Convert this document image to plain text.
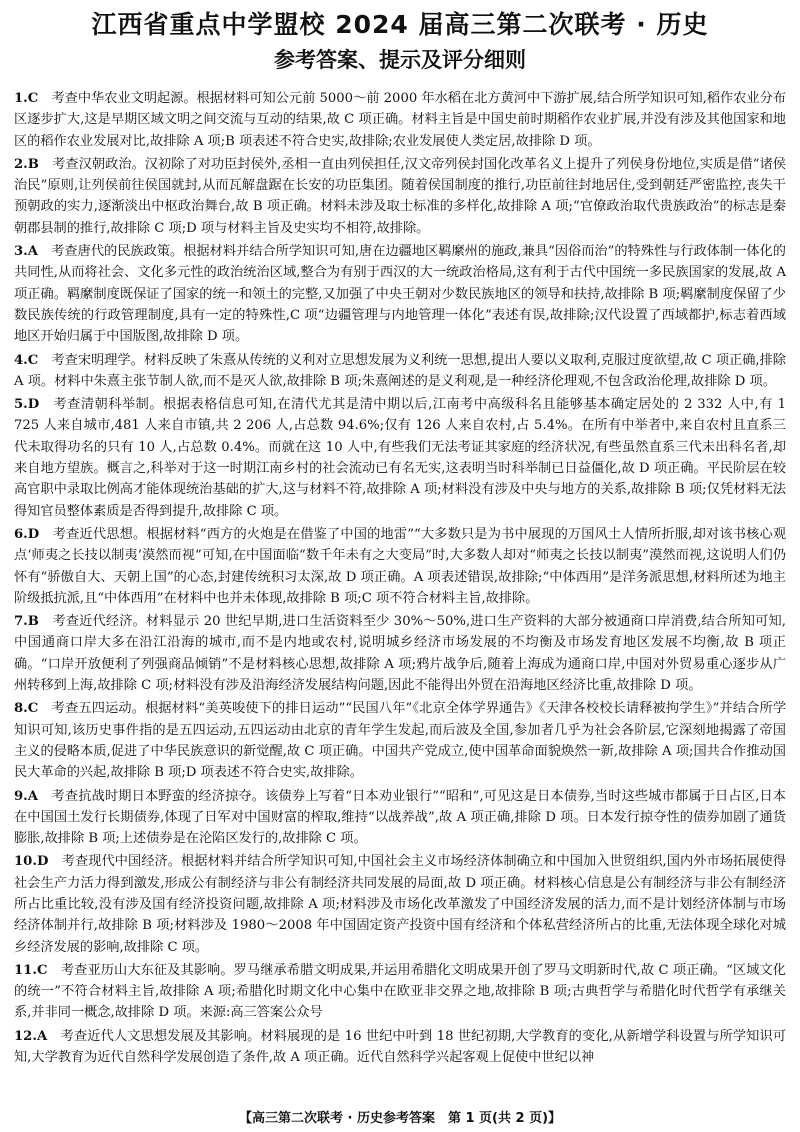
江西省重点中学盟校 2024 届高三第二次联考 · 历史
参考答案、提示及评分细则

1.C　 考查中华农业文明起源。根据材料可知公元前 5000～前 2000 年水稻在北方黄河中下游扩展,结合所学知识可知,稻作农业分布区逐步扩大,这是早期区域文明之间交流与互动的结果,故 C 项正确。材料主旨是中国史前时期稻作农业扩展,并没有涉及其他国家和地区的稻作农业发展对比,故排除 A 项;B 项表述不符合史实,故排除;农业发展使人类定居,故排除 D 项。

2.B　 考查汉朝政治。汉初除了对功臣封侯外,丞相一直由列侯担任,汉文帝列侯封国化改革名义上提升了列侯身份地位,实质是借“诸侯治民”原则,让列侯前往侯国就封,从而瓦解盘踞在长安的功臣集团。随着侯国制度的推行,功臣前往封地居住,受到朝廷严密监控,丧失干预朝政的实力,逐渐淡出中枢政治舞台,故 B 项正确。材料未涉及取士标准的多样化,故排除 A 项;“官僚政治取代贵族政治”的标志是秦朝郡县制的推行,故排除 C 项;D 项与材料主旨及史实均不相符,故排除。

3.A　 考查唐代的民族政策。根据材料并结合所学知识可知,唐在边疆地区羁縻州的施政,兼具“因俗而治”的特殊性与行政体制一体化的共同性,从而将社会、文化多元性的政治统治区域,整合为有别于西汉的大一统政治格局,这有利于古代中国统一多民族国家的发展,故 A 项正确。羁縻制度既保证了国家的统一和领土的完整,又加强了中央王朝对少数民族地区的领导和扶持,故排除 B 项;羁縻制度保留了少数民族传统的行政管理制度,具有一定的特殊性,C 项“边疆管理与内地管理一体化”表述有误,故排除;汉代设置了西域都护,标志着西域地区开始归属于中国版图,故排除 D 项。

4.C　 考查宋明理学。材料反映了朱熹从传统的义利对立思想发展为义利统一思想,提出人要以义取利,克服过度欲望,故 C 项正确,排除 A 项。材料中朱熹主张节制人欲,而不是灭人欲,故排除 B 项;朱熹阐述的是义利观,是一种经济伦理观,不包含政治伦理,故排除 D 项。

5.D　 考查清朝科举制。根据表格信息可知,在清代尤其是清中期以后,江南考中高级科名且能够基本确定居处的 2 332 人中,有 1 725 人来自城市,481 人来自市镇,共 2 206 人,占总数 94.6%;仅有 126 人来自农村,占 5.4%。在所有中举者中,来自农村且直系三代未取得功名的只有 10 人,占总数 0.4%。而就在这 10 人中,有些我们无法考证其家庭的经济状况,有些虽然直系三代未出科名者,却来自地方望族。概言之,科举对于这一时期江南乡村的社会流动已有名无实,这表明当时科举制已日益僵化,故 D 项正确。平民阶层在较高官职中录取比例高才能体现统治基础的扩大,这与材料不符,故排除 A 项;材料没有涉及中央与地方的关系,故排除 B 项;仅凭材料无法得知官员整体素质是否得到提升,故排除 C 项。

6.D　 考查近代思想。根据材料“西方的火炮是在借鉴了中国的地雷”“大多数只是为书中展现的万国风土人情所折服,却对该书核心观点‘师夷之长技以制夷’漠然而视”可知,在中国面临“数千年未有之大变局”时,大多数人却对“师夷之长技以制夷”漠然而视,这说明人们仍怀有“骄傲自大、天朝上国”的心态,封建传统积习太深,故 D 项正确。A 项表述错误,故排除;“中体西用”是洋务派思想,材料所述为地主阶级抵抗派,且“中体西用”在材料中也并未体现,故排除 B 项;C 项不符合材料主旨,故排除。

7.B　 考查近代经济。材料显示 20 世纪早期,进口生活资料至少 30%～50%,进口生产资料的大部分被通商口岸消费,结合所知可知,中国通商口岸大多在沿江沿海的城市,而不是内地或农村,说明城乡经济市场发展的不均衡及市场发育地区发展不均衡,故 B 项正确。“口岸开放便利了列强商品倾销”不是材料核心思想,故排除 A 项;鸦片战争后,随着上海成为通商口岸,中国对外贸易重心逐步从广州转移到上海,故排除 C 项;材料没有涉及沿海经济发展结构问题,因此不能得出外贸在沿海地区经济比重,故排除 D 项。

8.C　 考查五四运动。根据材料“美英唆使下的排日运动”“民国八年”《北京全体学界通告》《天津各校校长请释被拘学生》”并结合所学知识可知,该历史事件指的是五四运动,五四运动由北京的青年学生发起,而后波及全国,参加者几乎为社会各阶层,它深刻地揭露了帝国主义的侵略本质,促进了中华民族意识的新觉醒,故 C 项正确。中国共产党成立,使中国革命面貌焕然一新,故排除 A 项;国共合作推动国民大革命的兴起,故排除 B 项;D 项表述不符合史实,故排除。

9.A　 考查抗战时期日本野蛮的经济掠夺。该债券上写着“日本劝业银行”“昭和”,可见这是日本债券,当时这些城市都属于日占区,日本在中国国土发行长期债券,体现了日军对中国财富的榨取,维持“以战养战”,故 A 项正确,排除 D 项。日本发行掠夺性的债券加剧了通货膨胀,故排除 B 项;上述债券是在沦陷区发行的,故排除 C 项。

10.D　 考查现代中国经济。根据材料并结合所学知识可知,中国社会主义市场经济体制确立和中国加入世贸组织,国内外市场拓展使得社会生产力活力得到激发,形成公有制经济与非公有制经济共同发展的局面,故 D 项正确。材料核心信息是公有制经济与非公有制经济所占比重比较,没有涉及国有经济投资问题,故排除 A 项;材料涉及市场化改革激发了中国经济发展的活力,而不是计划经济体制与市场经济体制并行,故排除 B 项;材料涉及 1980～2008 年中国固定资产投资中国有经济和个体私营经济所占的比重,无法体现全球化对城乡经济发展的影响,故排除 C 项。

11.C　 考查亚历山大东征及其影响。罗马继承希腊文明成果,并运用希腊化文明成果开创了罗马文明新时代,故 C 项正确。“区域文化的统一”不符合材料主旨,故排除 A 项;希腊化时期文化中心集中在欧亚非交界之地,故排除 B 项;古典哲学与希腊化时代哲学有承继关系,并非同一概念,故排除 D 项。来源:高三答案公众号

12.A　 考查近代人文思想发展及其影响。材料展现的是 16 世纪中叶到 18 世纪初期,大学教育的变化,从新增学科设置与所学知识可知,大学教育为近代自然科学发展创造了条件,故 A 项正确。近代自然科学兴起客观上促使中世纪以神

【高三第二次联考 · 历史参考答案　第 1 页(共 2 页)】
